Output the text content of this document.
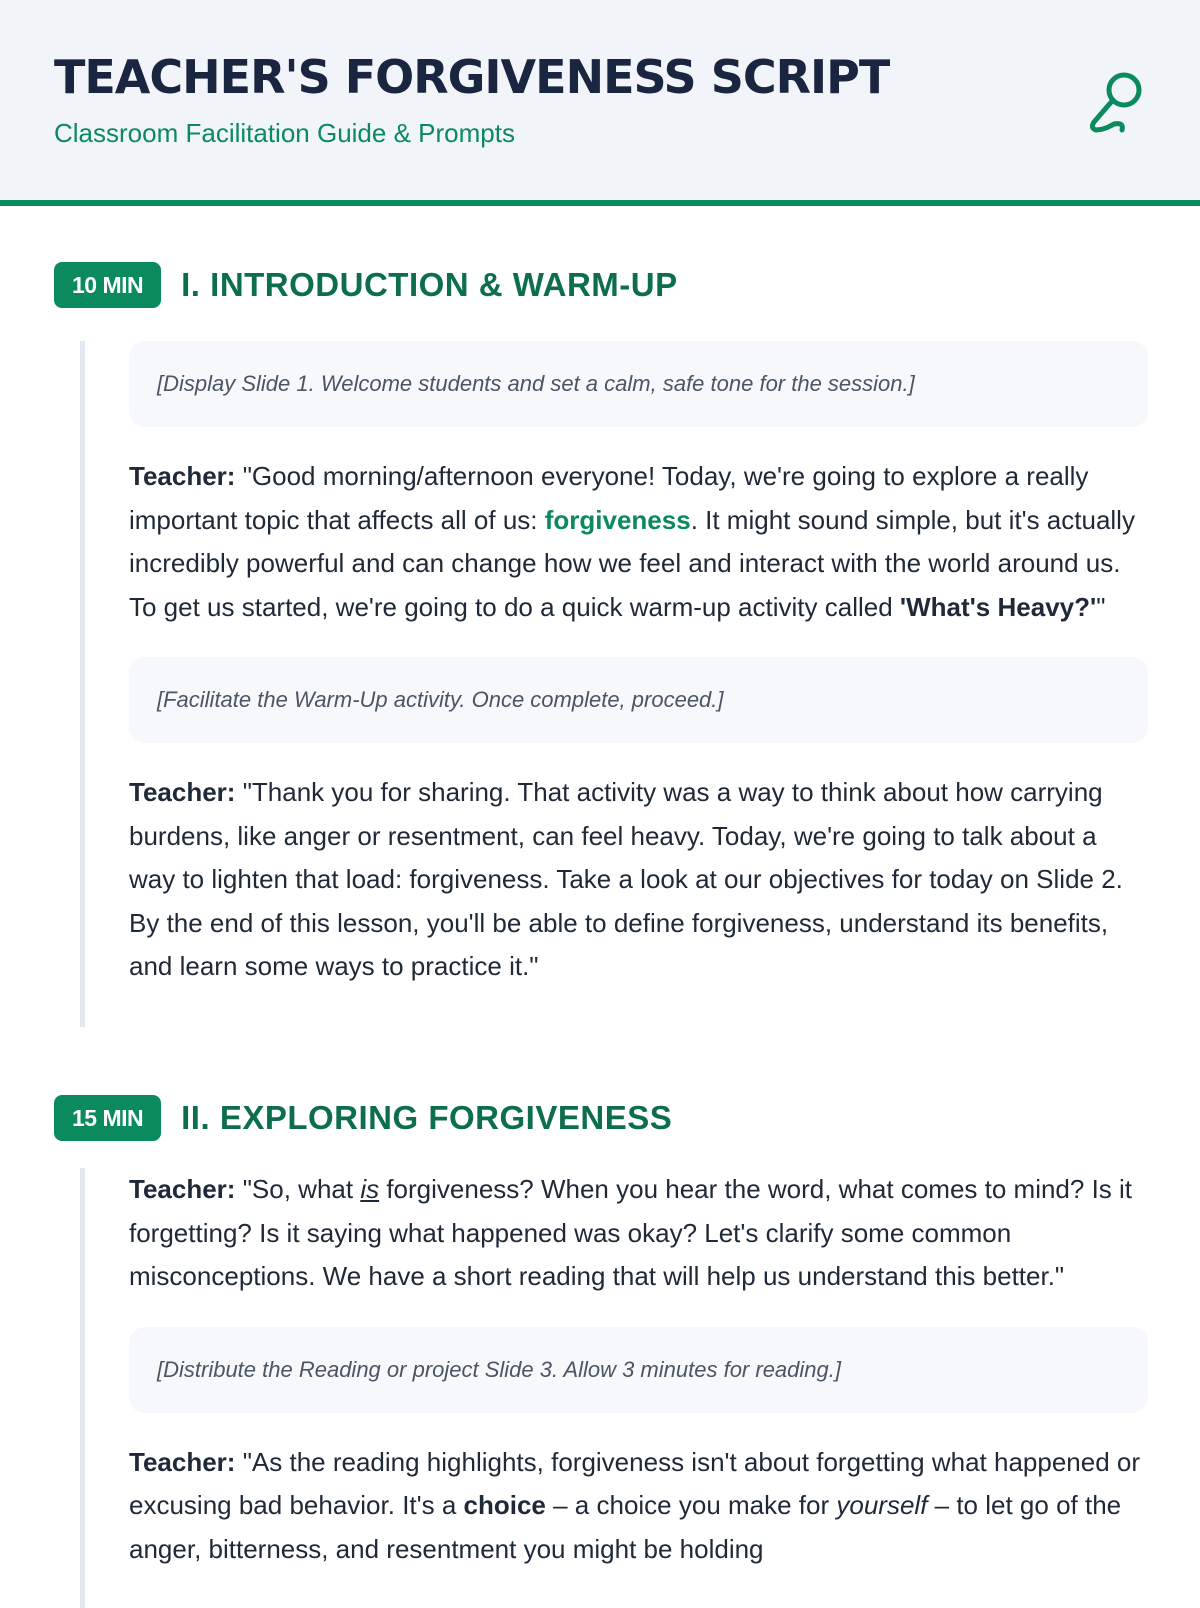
TEACHER'S FORGIVENESS SCRIPT
Classroom Facilitation Guide & Prompts
10 MIN	I. INTRODUCTION & WARM-UP
[Display Slide 1. Welcome students and set a calm, safe tone for the session.]

Teacher: "Good morning/afternoon everyone! Today, we're going to explore a really important topic that affects all of us: forgiveness. It might sound simple, but it's actually incredibly powerful and can change how we feel and interact with the world around us. To get us started, we're going to do a quick warm-up activity called 'What's Heavy?'"

[Facilitate the Warm-Up activity. Once complete, proceed.]

Teacher: "Thank you for sharing. That activity was a way to think about how carrying burdens, like anger or resentment, can feel heavy. Today, we're going to talk about a way to lighten that load: forgiveness. Take a look at our objectives for today on Slide 2. By the end of this lesson, you'll be able to define forgiveness, understand its benefits, and learn some ways to practice it."

15 MIN	II. EXPLORING FORGIVENESS

Teacher: "So, what is forgiveness? When you hear the word, what comes to mind? Is it forgetting? Is it saying what happened was okay? Let's clarify some common misconceptions. We have a short reading that will help us understand this better."

[Distribute the Reading or project Slide 3. Allow 3 minutes for reading.]

Teacher: "As the reading highlights, forgiveness isn't about forgetting what happened or excusing bad behavior. It's a choice – a choice you make for yourself – to let go of the anger, bitterness, and resentment you might be holding
